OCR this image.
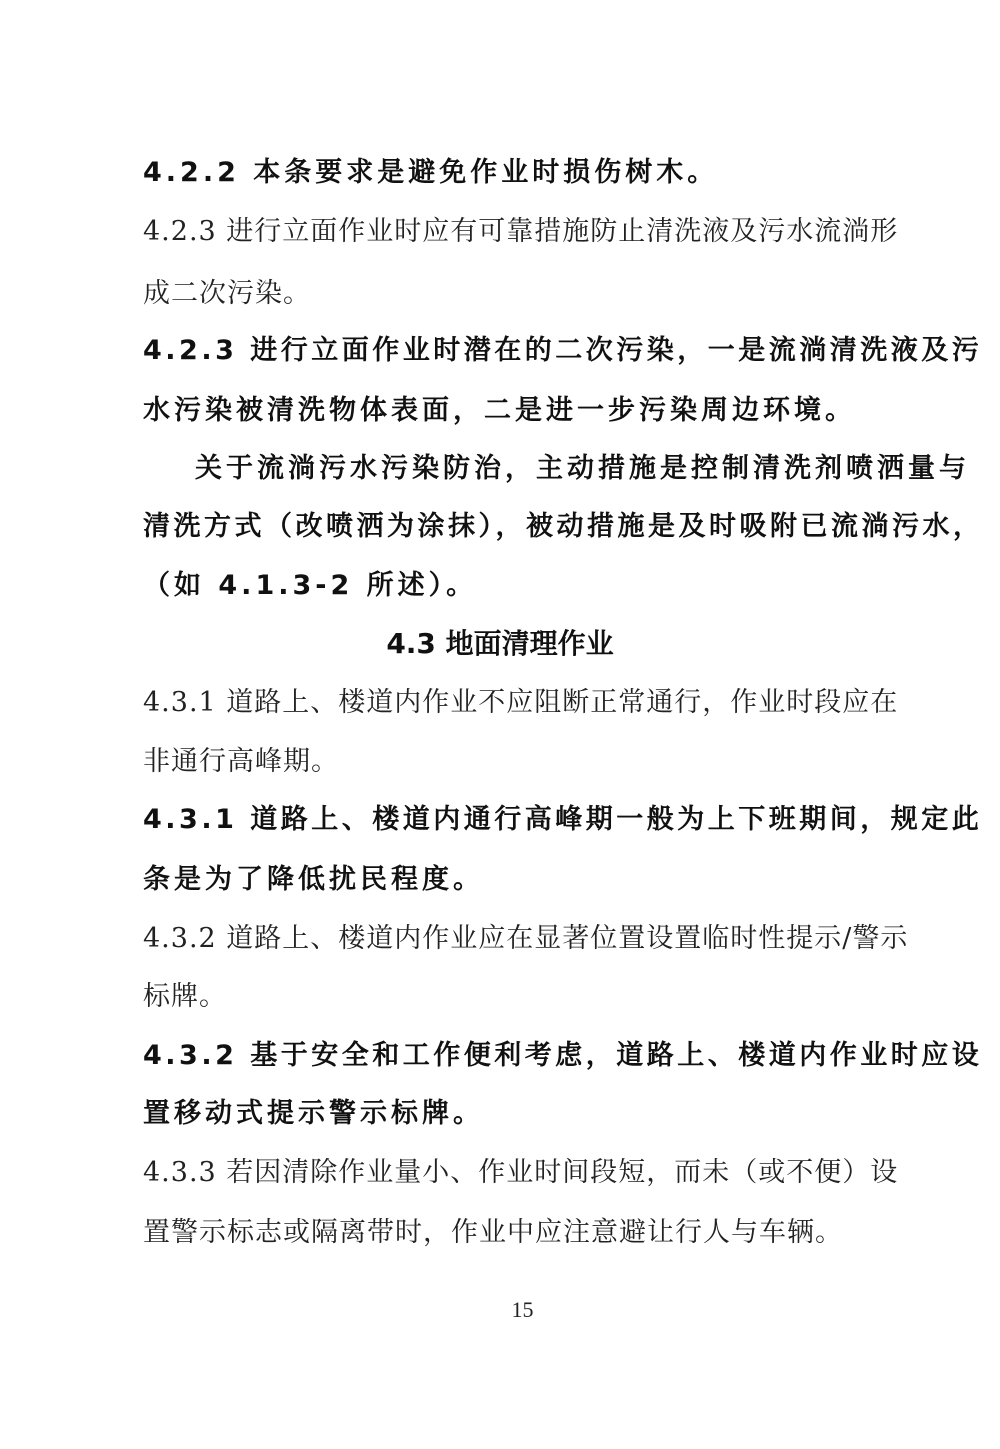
4.2.2 本条要求是避免作业时损伤树木。
4.2.3 进行立面作业时应有可靠措施防止清洗液及污水流淌形
成二次污染。
4.2.3 进行立面作业时潜在的二次污染，一是流淌清洗液及污
水污染被清洗物体表面，二是进一步污染周边环境。
关于流淌污水污染防治，主动措施是控制清洗剂喷洒量与
清洗方式（改喷洒为涂抹），被动措施是及时吸附已流淌污水，
（如 4.1.3-2 所述）。
4.3 地面清理作业
4.3.1 道路上、楼道内作业不应阻断正常通行，作业时段应在
非通行高峰期。
4.3.1 道路上、楼道内通行高峰期一般为上下班期间，规定此
条是为了降低扰民程度。
4.3.2 道路上、楼道内作业应在显著位置设置临时性提示/警示
标牌。
4.3.2 基于安全和工作便利考虑，道路上、楼道内作业时应设
置移动式提示警示标牌。
4.3.3 若因清除作业量小、作业时间段短，而未（或不便）设
置警示标志或隔离带时，作业中应注意避让行人与车辆。
15
